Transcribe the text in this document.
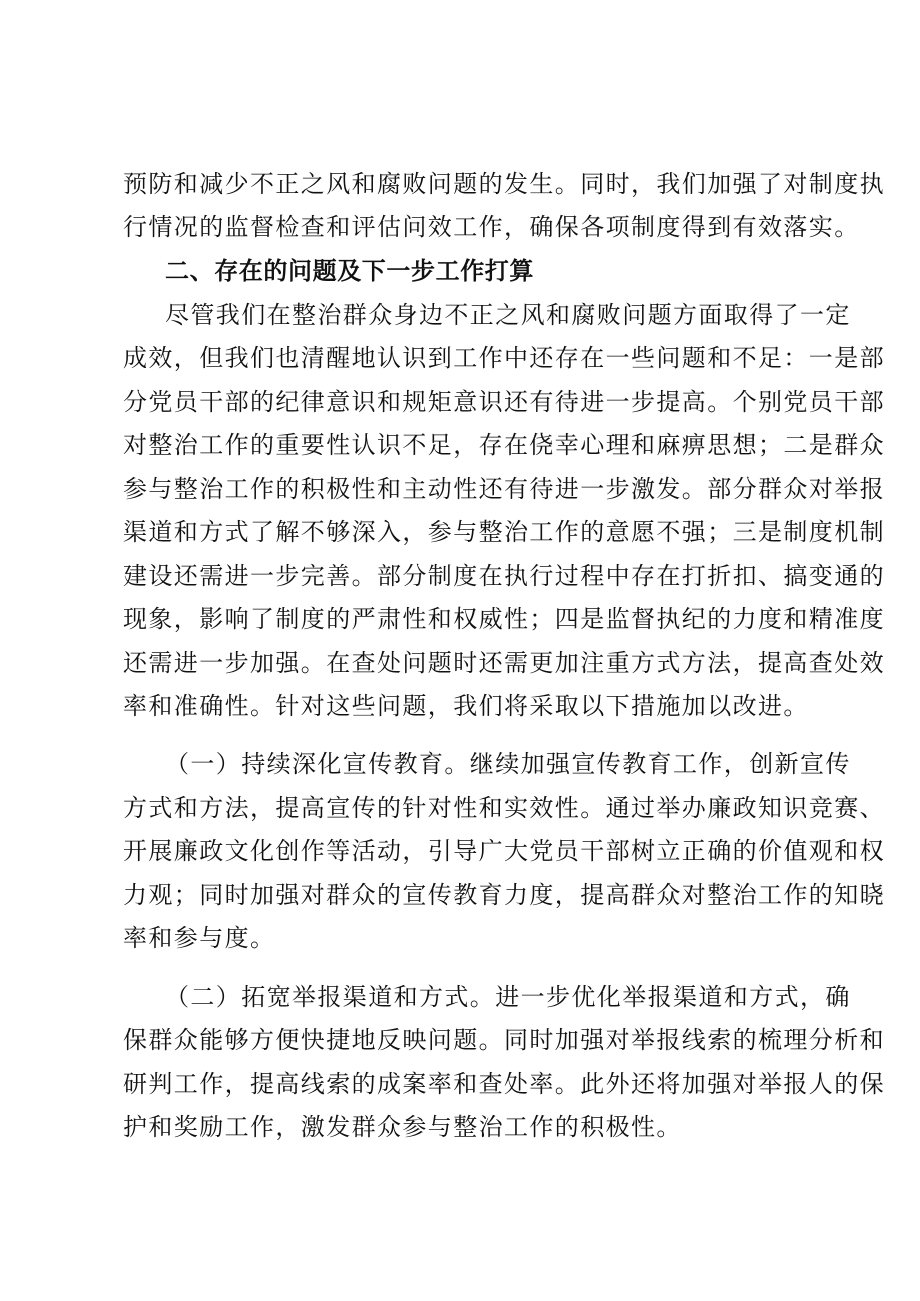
预防和减少不正之风和腐败问题的发生。同时，我们加强了对制度执
行情况的监督检查和评估问效工作，确保各项制度得到有效落实。
二、存在的问题及下一步工作打算
尽管我们在整治群众身边不正之风和腐败问题方面取得了一定
成效，但我们也清醒地认识到工作中还存在一些问题和不足：一是部
分党员干部的纪律意识和规矩意识还有待进一步提高。个别党员干部
对整治工作的重要性认识不足，存在侥幸心理和麻痹思想；二是群众
参与整治工作的积极性和主动性还有待进一步激发。部分群众对举报
渠道和方式了解不够深入，参与整治工作的意愿不强；三是制度机制
建设还需进一步完善。部分制度在执行过程中存在打折扣、搞变通的
现象，影响了制度的严肃性和权威性；四是监督执纪的力度和精准度
还需进一步加强。在查处问题时还需更加注重方式方法，提高查处效
率和准确性。针对这些问题，我们将采取以下措施加以改进。
（一）持续深化宣传教育。继续加强宣传教育工作，创新宣传
方式和方法，提高宣传的针对性和实效性。通过举办廉政知识竞赛、
开展廉政文化创作等活动，引导广大党员干部树立正确的价值观和权
力观；同时加强对群众的宣传教育力度，提高群众对整治工作的知晓
率和参与度。
（二）拓宽举报渠道和方式。进一步优化举报渠道和方式，确
保群众能够方便快捷地反映问题。同时加强对举报线索的梳理分析和
研判工作，提高线索的成案率和查处率。此外还将加强对举报人的保
护和奖励工作，激发群众参与整治工作的积极性。
